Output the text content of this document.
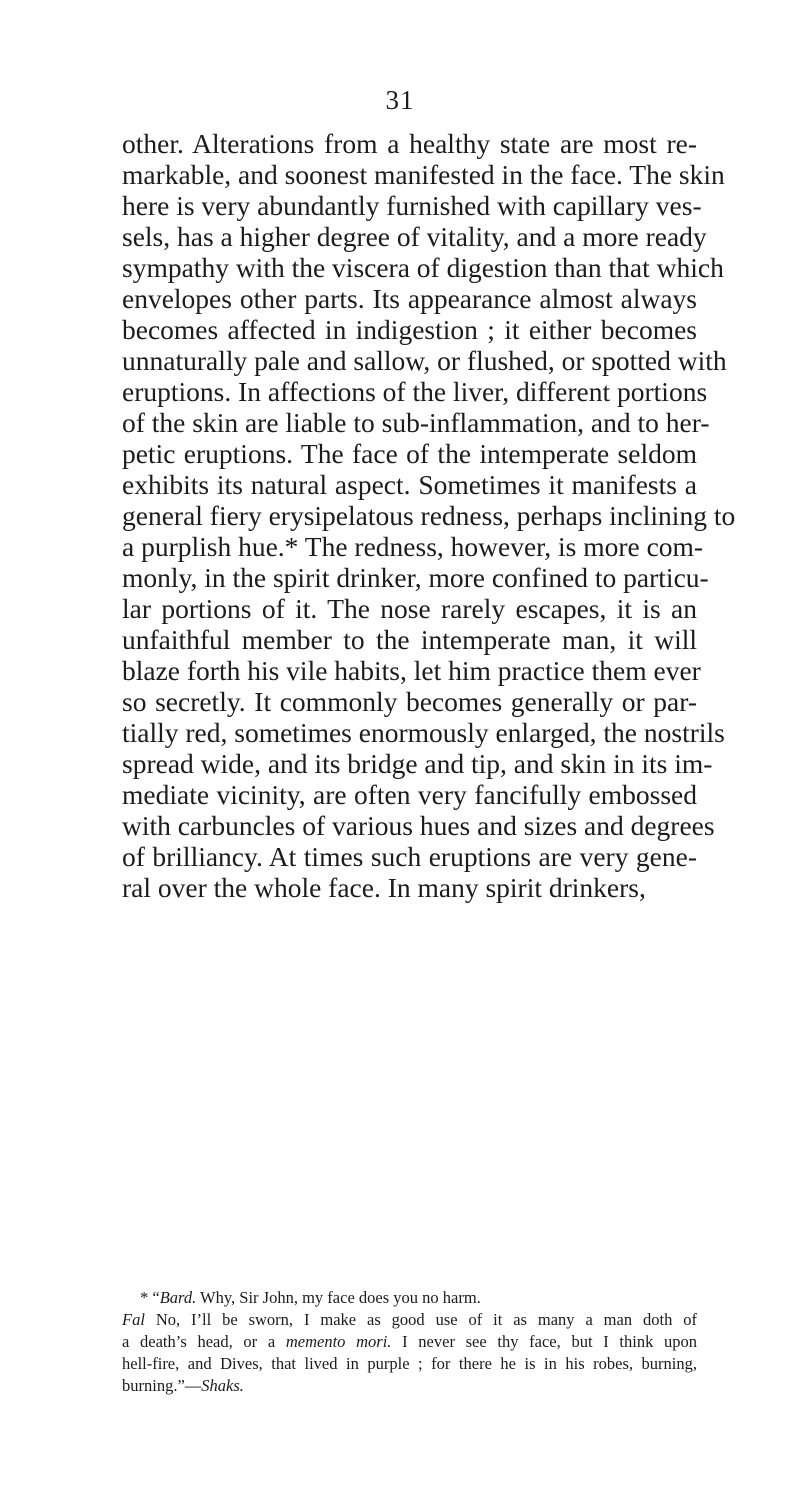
31
other. Alterations from a healthy state are most re-
markable, and soonest manifested in the face. The skin
here is very abundantly furnished with capillary ves-
sels, has a higher degree of vitality, and a more ready
sympathy with the viscera of digestion than that which
envelopes other parts. Its appearance almost always
becomes affected in indigestion ; it either becomes
unnaturally pale and sallow, or flushed, or spotted with
eruptions. In affections of the liver, different portions
of the skin are liable to sub-inflammation, and to her-
petic eruptions. The face of the intemperate seldom
exhibits its natural aspect. Sometimes it manifests a
general fiery erysipelatous redness, perhaps inclining to
a purplish hue.* The redness, however, is more com-
monly, in the spirit drinker, more confined to particu-
lar portions of it. The nose rarely escapes, it is an
unfaithful member to the intemperate man, it will
blaze forth his vile habits, let him practice them ever
so secretly. It commonly becomes generally or par-
tially red, sometimes enormously enlarged, the nostrils
spread wide, and its bridge and tip, and skin in its im-
mediate vicinity, are often very fancifully embossed
with carbuncles of various hues and sizes and degrees
of brilliancy. At times such eruptions are very gene-
ral over the whole face. In many spirit drinkers,
* “Bard. Why, Sir John, my face does you no harm.
Fal No, I’ll be sworn, I make as good use of it as many a man doth of
a death’s head, or a memento mori. I never see thy face, but I think upon
hell-fire, and Dives, that lived in purple ; for there he is in his robes, burning,
burning.”—Shaks.
